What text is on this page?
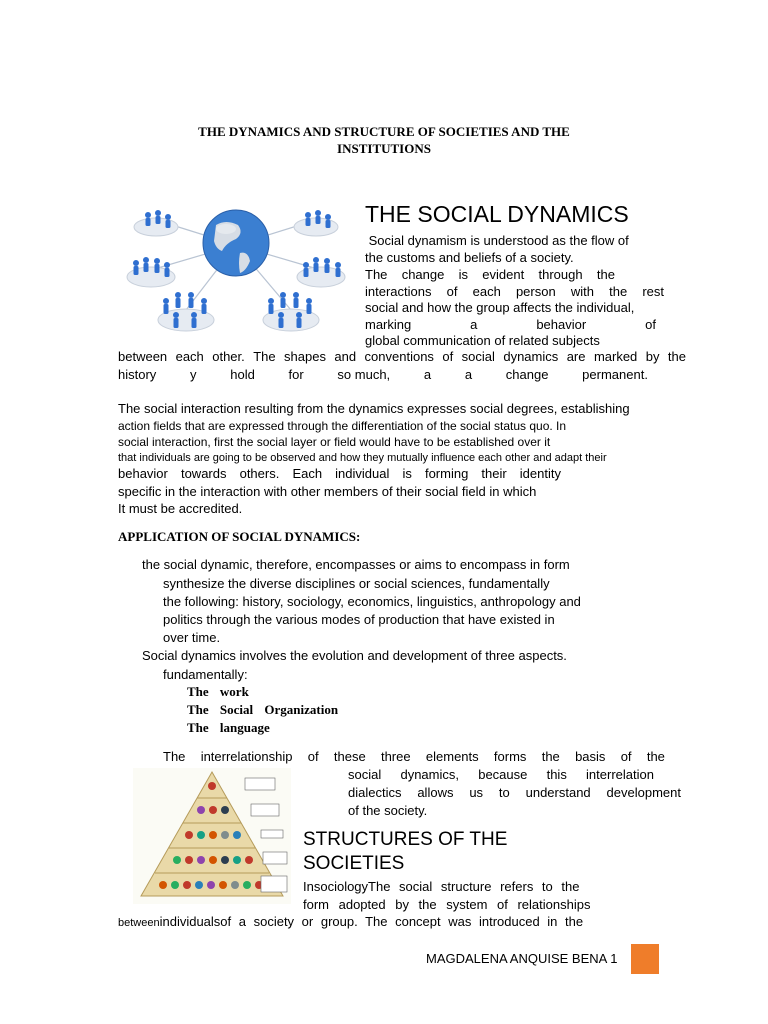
THE DYNAMICS AND STRUCTURE OF SOCIETIES AND THE
INSTITUTIONS
THE SOCIAL DYNAMICS
Social dynamism is understood as the flow of
the customs and beliefs of a society.
The change is evident through the
interactions of each person with the rest
social and how the group affects the individual,
marking	a	behavior	of
global communication of related subjects
between each other. The shapes and conventions of social dynamics are marked by the
history	y	hold	for	so much,	a	a	change	permanent.
The social interaction resulting from the dynamics expresses social degrees, establishing
action fields that are expressed through the differentiation of the social status quo. In
social interaction, first the social layer or field would have to be established over it
that individuals are going to be observed and how they mutually influence each other and adapt their
behavior towards others. Each individual is forming their identity
specific in the interaction with other members of their social field in which
It must be accredited.
APPLICATION OF SOCIAL DYNAMICS:
the social dynamic, therefore, encompasses or aims to encompass in form
synthesize the diverse disciplines or social sciences, fundamentally
the following: history, sociology, economics, linguistics, anthropology and
politics through the various modes of production that have existed in
over time.
Social dynamics involves the evolution and development of three aspects.
fundamentally:
The work
The Social Organization
The language
The interrelationship of these three elements forms the basis of the
social dynamics, because this interrelation
dialectics allows us to understand development
of the society.
STRUCTURES OF THE
SOCIETIES
InsociologyThe social structure refers to the
form adopted by the system of relationships
betweenindividualsof a society or group. The concept was introduced in the
MAGDALENA ANQUISE BENA 1
